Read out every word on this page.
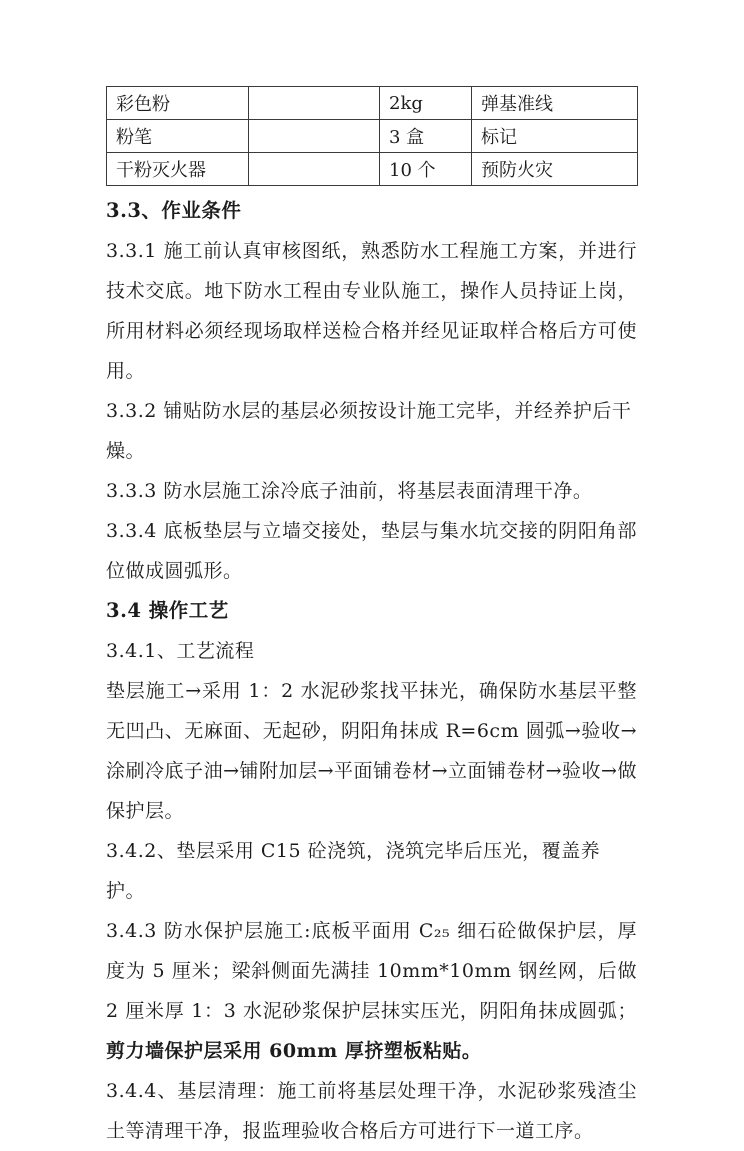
彩色粉		2kg	弹基准线
粉笔		3 盒	标记
干粉灭火器		10 个	预防火灾

3.3、作业条件

3.3.1 施工前认真审核图纸，熟悉防水工程施工方案，并进行技术交底。地下防水工程由专业队施工，操作人员持证上岗，所用材料必须经现场取样送检合格并经见证取样合格后方可使用。

3.3.2 铺贴防水层的基层必须按设计施工完毕，并经养护后干燥。

3.3.3 防水层施工涂冷底子油前，将基层表面清理干净。

3.3.4 底板垫层与立墙交接处，垫层与集水坑交接的阴阳角部位做成圆弧形。

3.4 操作工艺

3.4.1、工艺流程

垫层施工→采用 1：2 水泥砂浆找平抹光，确保防水基层平整无凹凸、无麻面、无起砂，阴阳角抹成 R=6cm 圆弧→验收→涂刷冷底子油→铺附加层→平面铺卷材→立面铺卷材→验收→做保护层。

3.4.2、垫层采用 C15 砼浇筑，浇筑完毕后压光，覆盖养护。

3.4.3 防水保护层施工:底板平面用 C₂₅ 细石砼做保护层，厚度为 5 厘米；梁斜侧面先满挂 10mm*10mm 钢丝网，后做 2 厘米厚 1：3 水泥砂浆保护层抹实压光，阴阳角抹成圆弧；剪力墙保护层采用 60mm 厚挤塑板粘贴。

3.4.4、基层清理：施工前将基层处理干净，水泥砂浆残渣尘土等清理干净，报监理验收合格后方可进行下一道工序。
